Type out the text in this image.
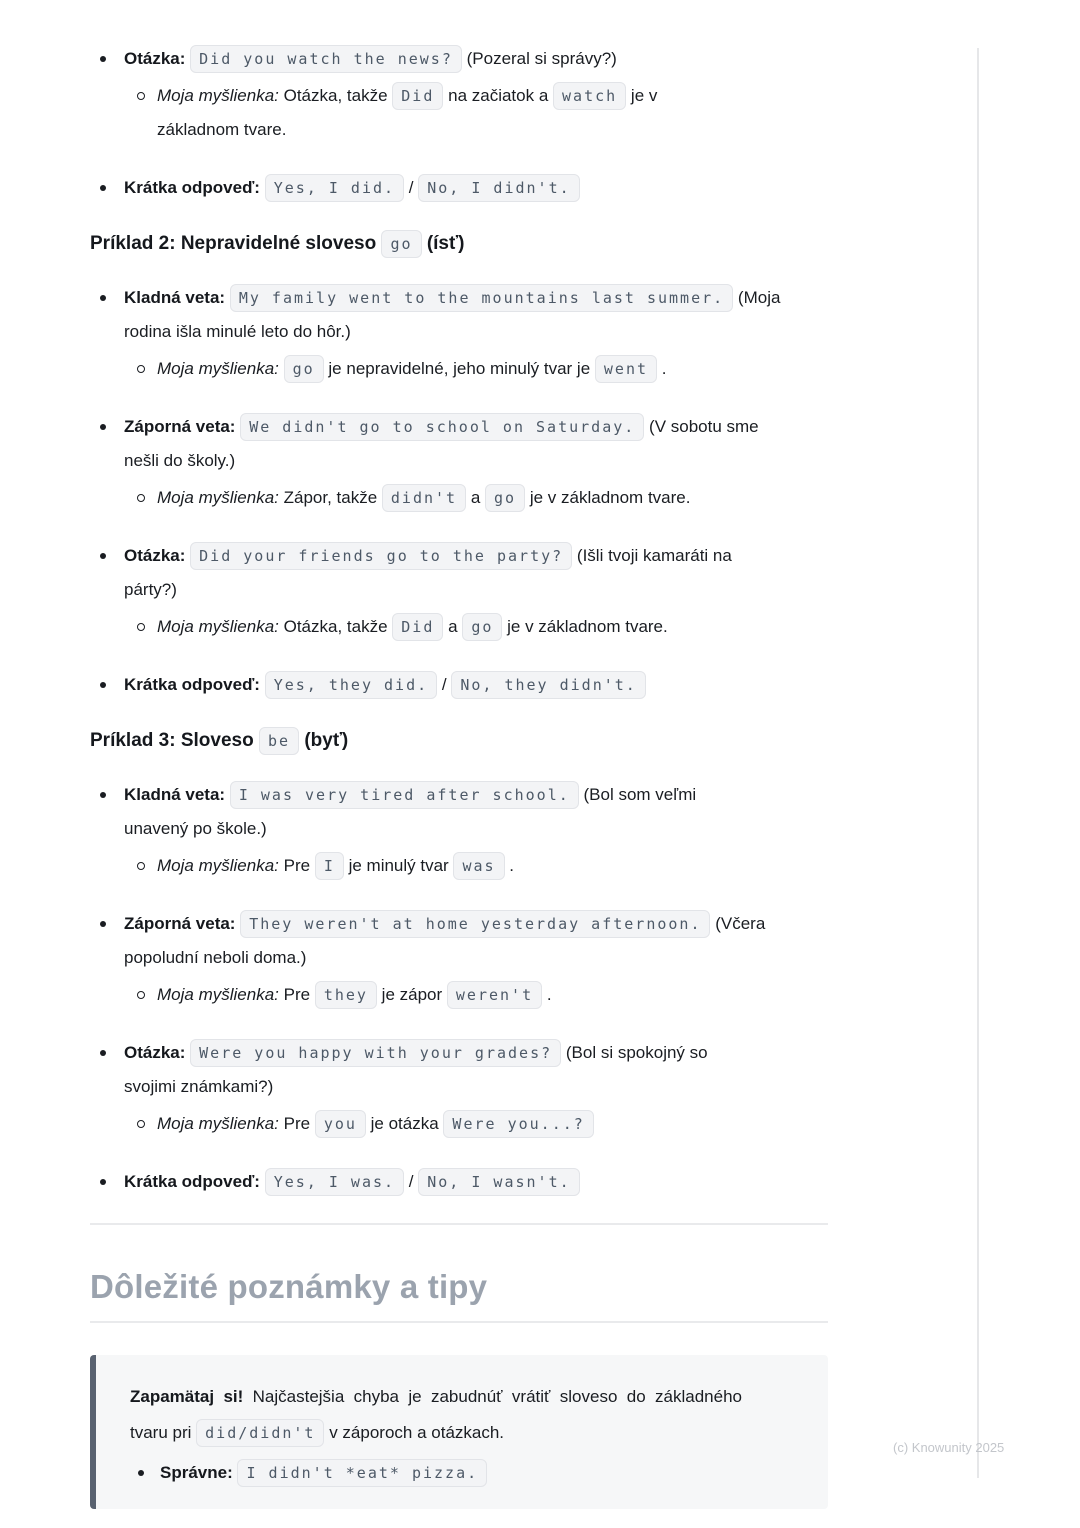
Otázka: Did you watch the news? (Pozeral si správy?)
Moja myšlienka: Otázka, takže Did na začiatok a watch je v
základnom tvare.
Krátka odpoveď: Yes, I did. / No, I didn't.
Príklad 2: Nepravidelné sloveso go (ísť)
Kladná veta: My family went to the mountains last summer. (Moja
rodina išla minulé leto do hôr.)
Moja myšlienka: go je nepravidelné, jeho minulý tvar je went .
Záporná veta: We didn't go to school on Saturday. (V sobotu sme
nešli do školy.)
Moja myšlienka: Zápor, takže didn't a go je v základnom tvare.
Otázka: Did your friends go to the party? (Išli tvoji kamaráti na
párty?)
Moja myšlienka: Otázka, takže Did a go je v základnom tvare.
Krátka odpoveď: Yes, they did. / No, they didn't.
Príklad 3: Sloveso be (byť)
Kladná veta: I was very tired after school. (Bol som veľmi
unavený po škole.)
Moja myšlienka: Pre I je minulý tvar was .
Záporná veta: They weren't at home yesterday afternoon. (Včera
popoludní neboli doma.)
Moja myšlienka: Pre they je zápor weren't .
Otázka: Were you happy with your grades? (Bol si spokojný so
svojimi známkami?)
Moja myšlienka: Pre you je otázka Were you...?
Krátka odpoveď: Yes, I was. / No, I wasn't.
Dôležité poznámky a tipy

Zapamätaj si! Najčastejšia chyba je zabudnúť vrátiť sloveso do základného tvaru pri did/didn't v záporoch a otázkach.

Správne: I didn't *eat* pizza.
(c) Knowunity 2025
